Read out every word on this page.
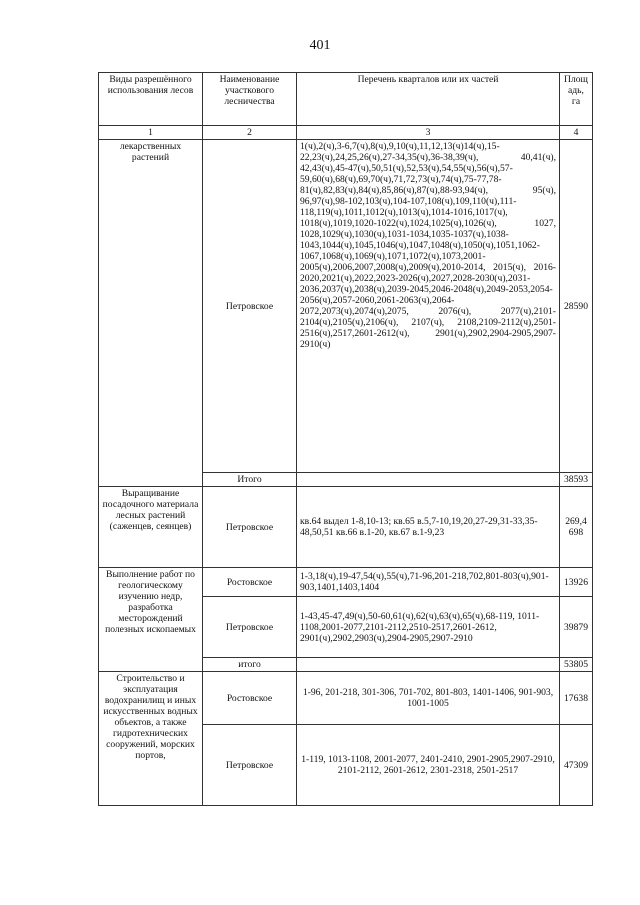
401
Виды разрешённого использования лесов	Наименование участкового лесничества	Перечень кварталов или их частей	Площадь, га
1	2	3	4
лекарственных растений	Петровское	1(ч),2(ч),3-6,7(ч),8(ч),9,10(ч),11,12,13(ч)14(ч),15-22,23(ч),24,25,26(ч),27-34,35(ч),36-38,39(ч), 40,41(ч), 42,43(ч),45-47(ч),50,51(ч),52,53(ч),54,55(ч),56(ч),57-59,60(ч),68(ч),69,70(ч),71,72,73(ч),74(ч),75-77,78-81(ч),82,83(ч),84(ч),85,86(ч),87(ч),88-93,94(ч), 95(ч), 96,97(ч),98-102,103(ч),104-107,108(ч),109,110(ч),111-118,119(ч),1011,1012(ч),1013(ч),1014-1016,1017(ч), 1018(ч),1019,1020-1022(ч),1024,1025(ч),1026(ч), 1027, 1028,1029(ч),1030(ч),1031-1034,1035-1037(ч),1038-1043,1044(ч),1045,1046(ч),1047,1048(ч),1050(ч),1051,1062-1067,1068(ч),1069(ч),1071,1072(ч),1073,2001-2005(ч),2006,2007,2008(ч),2009(ч),2010-2014, 2015(ч), 2016-2020,2021(ч),2022,2023-2026(ч),2027,2028-2030(ч),2031-2036,2037(ч),2038(ч),2039-2045,2046-2048(ч),2049-2053,2054-2056(ч),2057-2060,2061-2063(ч),2064-2072,2073(ч),2074(ч),2075, 2076(ч), 2077(ч),2101-2104(ч),2105(ч),2106(ч), 2107(ч), 2108,2109-2112(ч),2501-2516(ч),2517,2601-2612(ч), 2901(ч),2902,2904-2905,2907-2910(ч)	28590
	Итого		38593
Выращивание посадочного материала лесных растений (саженцев, сеянцев)	Петровское	кв.64 выдел 1-8,10-13; кв.65 в.5,7-10,19,20,27-29,31-33,35-48,50,51 кв.66 в.1-20, кв.67 в.1-9,23	269,4698
Выполнение работ по геологическому изучению недр, разработка месторождений полезных ископаемых	Ростовское	1-3,18(ч),19-47,54(ч),55(ч),71-96,201-218,702,801-803(ч),901-903,1401,1403,1404	13926
	Петровское	1-43,45-47,49(ч),50-60,61(ч),62(ч),63(ч),65(ч),68-119, 1011-1108,2001-2077,2101-2112,2510-2517,2601-2612, 2901(ч),2902,2903(ч),2904-2905,2907-2910	39879
	итого		53805
Строительство и эксплуатация водохранилищ и иных искусственных водных объектов, а также гидротехнических сооружений, морских портов,	Ростовское	1-96, 201-218, 301-306, 701-702, 801-803, 1401-1406, 901-903, 1001-1005	17638
	Петровское	1-119, 1013-1108, 2001-2077, 2401-2410, 2901-2905,2907-2910, 2101-2112, 2601-2612, 2301-2318, 2501-2517	47309
